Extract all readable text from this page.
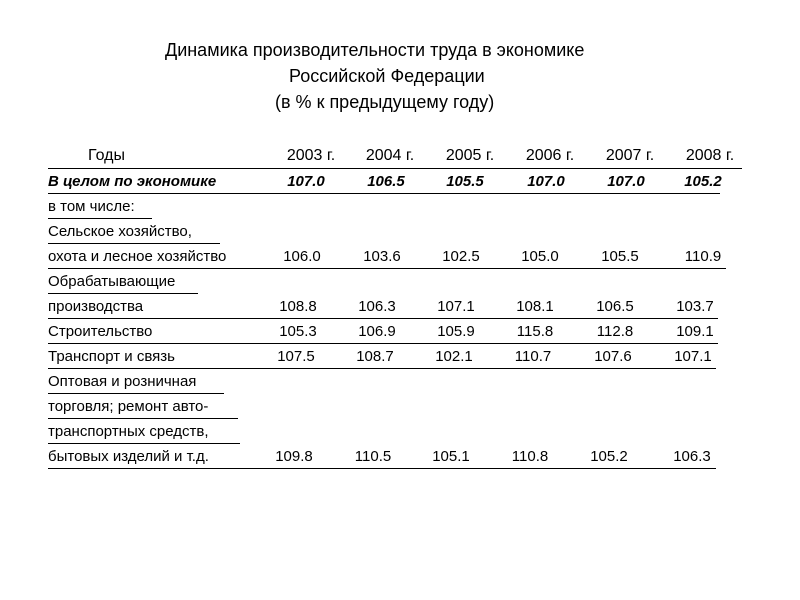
Динамика производительности труда в экономике
Российской Федерации
(в % к предыдущему году)
Годы	2003 г.	2004 г.	2005 г.	2006 г.	2007 г.	2008 г.
В целом по экономике	107.0	106.5	105.5	107.0	107.0	105.2
в том числе:
Сельское хозяйство,
охота и лесное хозяйство	106.0	103.6	102.5	105.0	105.5	110.9
Обрабатывающие
производства	108.8	106.3	107.1	108.1	106.5	103.7
Строительство	105.3	106.9	105.9	115.8	112.8	109.1
Транспорт и связь	107.5	108.7	102.1	110.7	107.6	107.1
Оптовая и розничная
торговля; ремонт авто-
транспортных средств,
бытовых изделий и т.д.	109.8	110.5	105.1	110.8	105.2	106.3
